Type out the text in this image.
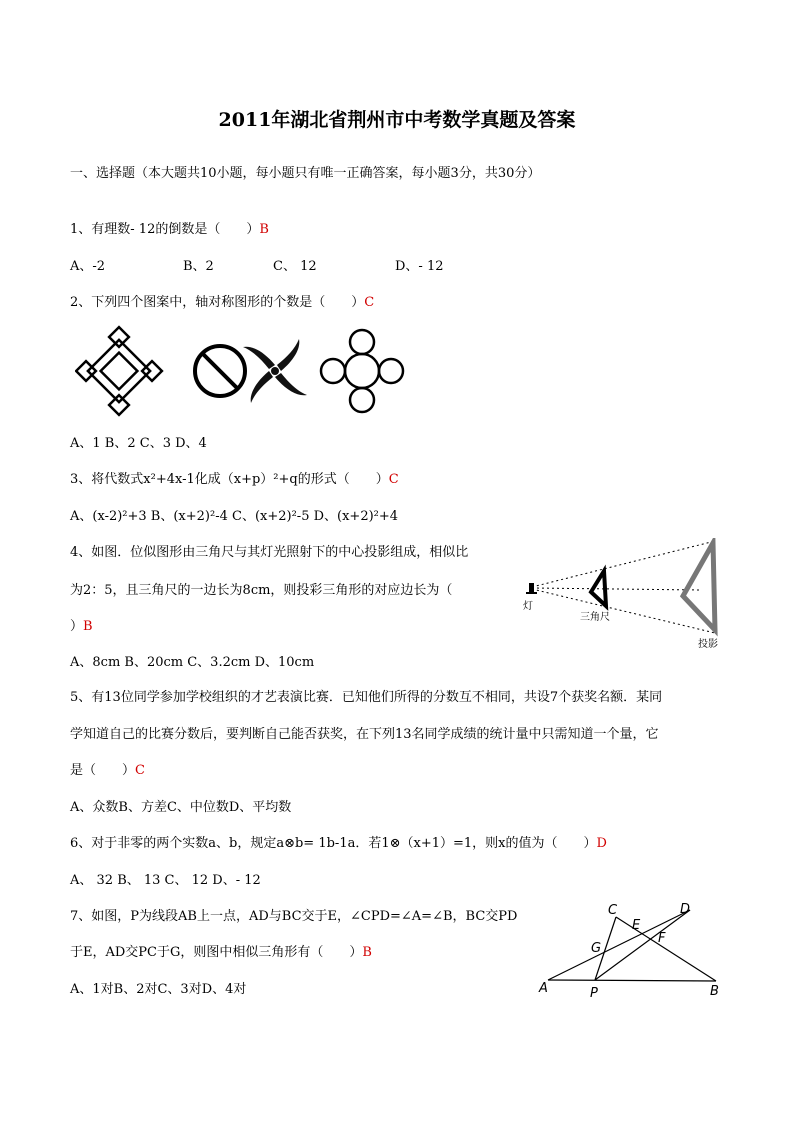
2011年湖北省荆州市中考数学真题及答案
一、选择题（本大题共10小题，每小题只有唯一正确答案，每小题3分，共30分）
1、有理数- 12的倒数是（　　）B
A、-2	B、2	C、 12	D、- 12
2、下列四个图案中，轴对称图形的个数是（　　）C
A、1 B、2 C、3 D、4
3、将代数式x²+4x-1化成（x+p）²+q的形式（　　）C
A、(x-2)²+3 B、(x+2)²-4 C、(x+2)²-5 D、(x+2)²+4
4、如图．位似图形由三角尺与其灯光照射下的中心投影组成，相似比
为2：5，且三角尺的一边长为8cm，则投彩三角形的对应边长为（
）B
A、8cm B、20cm C、3.2cm D、10cm
灯
三角尺
投影
5、有13位同学参加学校组织的才艺表演比赛．已知他们所得的分数互不相同，共设7个获奖名额．某同
学知道自己的比赛分数后，要判断自己能否获奖，在下列13名同学成绩的统计量中只需知道一个量，它
是（　　）C
A、众数B、方差C、中位数D、平均数
6、对于非零的两个实数a、b，规定a⊗b= 1b-1a．若1⊗（x+1）=1，则x的值为（　　）D
A、 32 B、 13 C、 12 D、- 12
7、如图，P为线段AB上一点，AD与BC交于E，∠CPD=∠A=∠B，BC交PD
于E，AD交PC于G，则图中相似三角形有（　　）B
A、1对B、2对C、3对D、4对
C	D
E
F
G
A	P	B
